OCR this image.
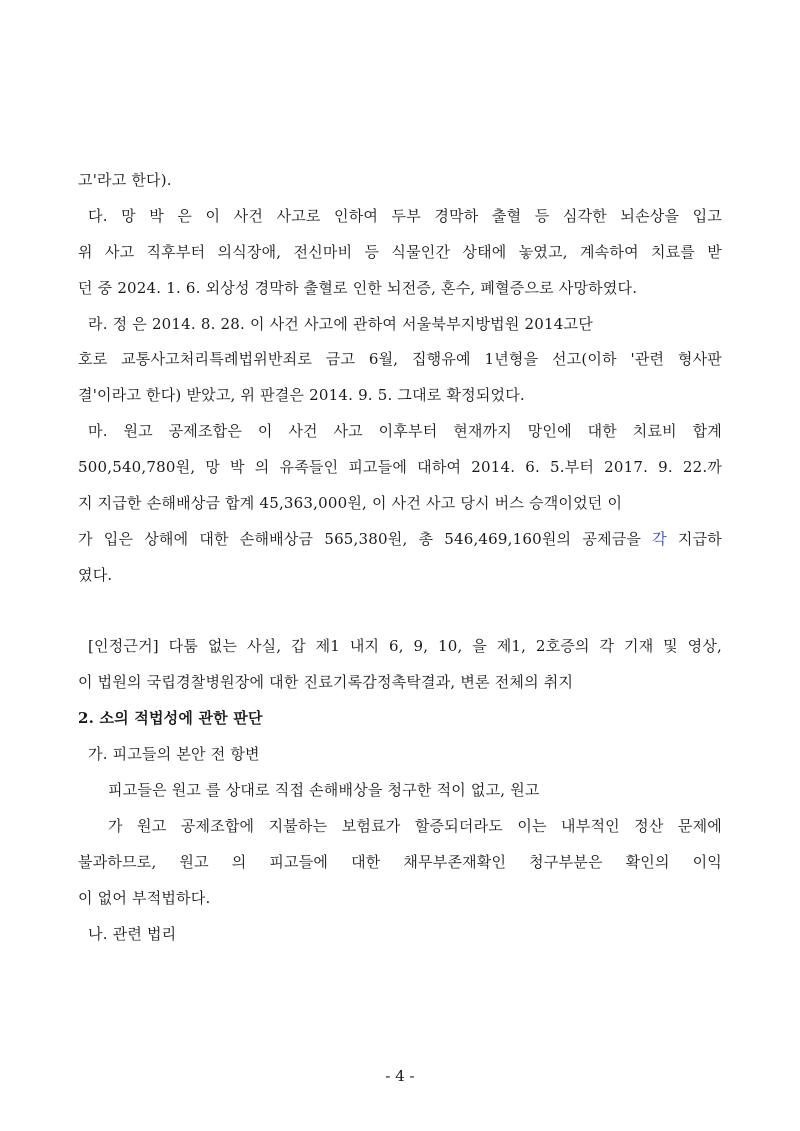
고'라고 한다).
다. 망 박 은 이 사건 사고로 인하여 두부 경막하 출혈 등 심각한 뇌손상을 입고
위 사고 직후부터 의식장애, 전신마비 등 식물인간 상태에 놓였고, 계속하여 치료를 받
던 중 2024. 1. 6. 외상성 경막하 출혈로 인한 뇌전증, 혼수, 폐혈증으로 사망하였다.
라. 정 은 2014. 8. 28. 이 사건 사고에 관하여 서울북부지방법원 2014고단
호로 교통사고처리특례법위반죄로 금고 6월, 집행유예 1년형을 선고(이하 '관련 형사판
결'이라고 한다) 받았고, 위 판결은 2014. 9. 5. 그대로 확정되었다.
마. 원고 공제조합은 이 사건 사고 이후부터 현재까지 망인에 대한 치료비 합계
500,540,780원, 망 박 의 유족들인 피고들에 대하여 2014. 6. 5.부터 2017. 9. 22.까
지 지급한 손해배상금 합계 45,363,000원, 이 사건 사고 당시 버스 승객이었던 이
가 입은 상해에 대한 손해배상금 565,380원, 총 546,469,160원의 공제금을 각 지급하
였다.
[인정근거] 다툼 없는 사실, 갑 제1 내지 6, 9, 10, 을 제1, 2호증의 각 기재 및 영상,
이 법원의 국립경찰병원장에 대한 진료기록감정촉탁결과, 변론 전체의 취지
2. 소의 적법성에 관한 판단
가. 피고들의 본안 전 항변
피고들은 원고 를 상대로 직접 손해배상을 청구한 적이 없고, 원고
가 원고 공제조합에 지불하는 보험료가 할증되더라도 이는 내부적인 정산 문제에
불과하므로, 원고 의 피고들에 대한 채무부존재확인 청구부분은 확인의 이익
이 없어 부적법하다.
나. 관련 법리
- 4 -
